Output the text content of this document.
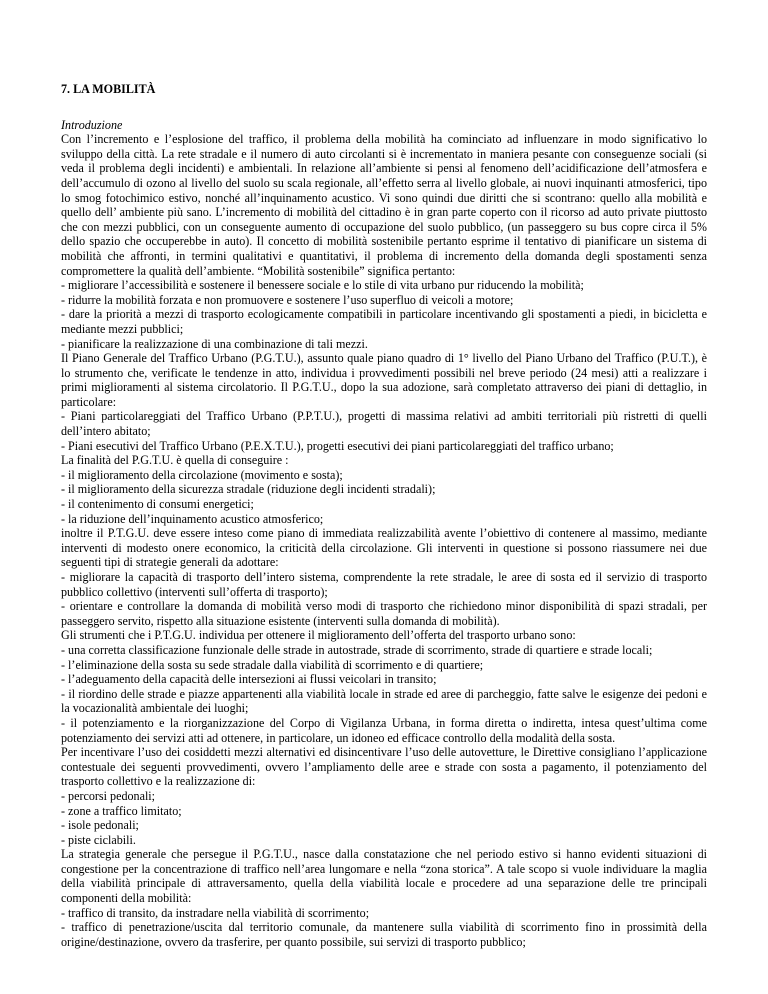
7. LA MOBILITÀ
Introduzione
Con l’incremento e l’esplosione del traffico, il problema della mobilità ha cominciato ad influenzare in modo significativo lo sviluppo della città. La rete stradale e il numero di auto circolanti si è incrementato in maniera pesante con conseguenze sociali (si veda il problema degli incidenti) e ambientali. In relazione all’ambiente si pensi al fenomeno dell’acidificazione dell’atmosfera e dell’accumulo di ozono al livello del suolo su scala regionale, all’effetto serra al livello globale, ai nuovi inquinanti atmosferici, tipo lo smog fotochimico estivo, nonché all’inquinamento acustico. Vi sono quindi due diritti che si scontrano: quello alla mobilità e quello dell’ ambiente più sano. L’incremento di mobilità del cittadino è in gran parte coperto con il ricorso ad auto private piuttosto che con mezzi pubblici, con un conseguente aumento di occupazione del suolo pubblico, (un passeggero su bus copre circa il 5% dello spazio che occuperebbe in auto). Il concetto di mobilità sostenibile pertanto esprime il tentativo di pianificare un sistema di mobilità che affronti, in termini qualitativi e quantitativi, il problema di incremento della domanda degli spostamenti senza compromettere la qualità dell’ambiente. “Mobilità sostenibile” significa pertanto:
- migliorare l’accessibilità e sostenere il benessere sociale e lo stile di vita urbano pur riducendo la mobilità;
- ridurre la mobilità forzata e non promuovere e sostenere l’uso superfluo di veicoli a motore;
- dare la priorità a mezzi di trasporto ecologicamente compatibili in particolare incentivando gli spostamenti a piedi, in bicicletta e mediante mezzi pubblici;
- pianificare la realizzazione di una combinazione di tali mezzi.
Il Piano Generale del Traffico Urbano (P.G.T.U.), assunto quale piano quadro di 1° livello del Piano Urbano del Traffico (P.U.T.), è lo strumento che, verificate le tendenze in atto, individua i provvedimenti possibili nel breve periodo (24 mesi) atti a realizzare i primi miglioramenti al sistema circolatorio. Il P.G.T.U., dopo la sua adozione, sarà completato attraverso dei piani di dettaglio, in particolare:
- Piani particolareggiati del Traffico Urbano (P.P.T.U.), progetti di massima relativi ad ambiti territoriali più ristretti di quelli dell’intero abitato;
- Piani esecutivi del Traffico Urbano (P.E.X.T.U.), progetti esecutivi dei piani particolareggiati del traffico urbano;
La finalità del P.G.T.U. è quella di conseguire :
- il miglioramento della circolazione (movimento e sosta);
- il miglioramento della sicurezza stradale (riduzione degli incidenti stradali);
- il contenimento di consumi energetici;
- la riduzione dell’inquinamento acustico atmosferico;
inoltre il P.T.G.U. deve essere inteso come piano di immediata realizzabilità avente l’obiettivo di contenere al massimo, mediante interventi di modesto onere economico, la criticità della circolazione. Gli interventi in questione si possono riassumere nei due seguenti tipi di strategie generali da adottare:
- migliorare la capacità di trasporto dell’intero sistema, comprendente la rete stradale, le aree di sosta ed il servizio di trasporto pubblico collettivo (interventi sull’offerta di trasporto);
- orientare e controllare la domanda di mobilità verso modi di trasporto che richiedono minor disponibilità di spazi stradali, per passeggero servito, rispetto alla situazione esistente (interventi sulla domanda di mobilità).
Gli strumenti che i P.T.G.U. individua per ottenere il miglioramento dell’offerta del trasporto urbano sono:
- una corretta classificazione funzionale delle strade in autostrade, strade di scorrimento, strade di quartiere e strade locali;
- l’eliminazione della sosta su sede stradale dalla viabilità di scorrimento e di quartiere;
- l’adeguamento della capacità delle intersezioni ai flussi veicolari in transito;
- il riordino delle strade e piazze appartenenti alla viabilità locale in strade ed aree di parcheggio, fatte salve le esigenze dei pedoni e la vocazionalità ambientale dei luoghi;
- il potenziamento e la riorganizzazione del Corpo di Vigilanza Urbana, in forma diretta o indiretta, intesa quest’ultima come potenziamento dei servizi atti ad ottenere, in particolare, un idoneo ed efficace controllo della modalità della sosta.
Per incentivare l’uso dei cosiddetti mezzi alternativi ed disincentivare l’uso delle autovetture, le Direttive consigliano l’applicazione contestuale dei seguenti provvedimenti, ovvero l’ampliamento delle aree e strade con sosta a pagamento, il potenziamento del trasporto collettivo e la realizzazione di:
- percorsi pedonali;
- zone a traffico limitato;
- isole pedonali;
- piste ciclabili.
La strategia generale che persegue il P.G.T.U., nasce dalla constatazione che nel periodo estivo si hanno evidenti situazioni di congestione per la concentrazione di traffico nell’area lungomare e nella “zona storica”. A tale scopo si vuole individuare la maglia della viabilità principale di attraversamento, quella della viabilità locale e procedere ad una separazione delle tre principali componenti della mobilità:
- traffico di transito, da instradare nella viabilità di scorrimento;
- traffico di penetrazione/uscita dal territorio comunale, da mantenere sulla viabilità di scorrimento fino in prossimità della origine/destinazione, ovvero da trasferire, per quanto possibile, sui servizi di trasporto pubblico;
